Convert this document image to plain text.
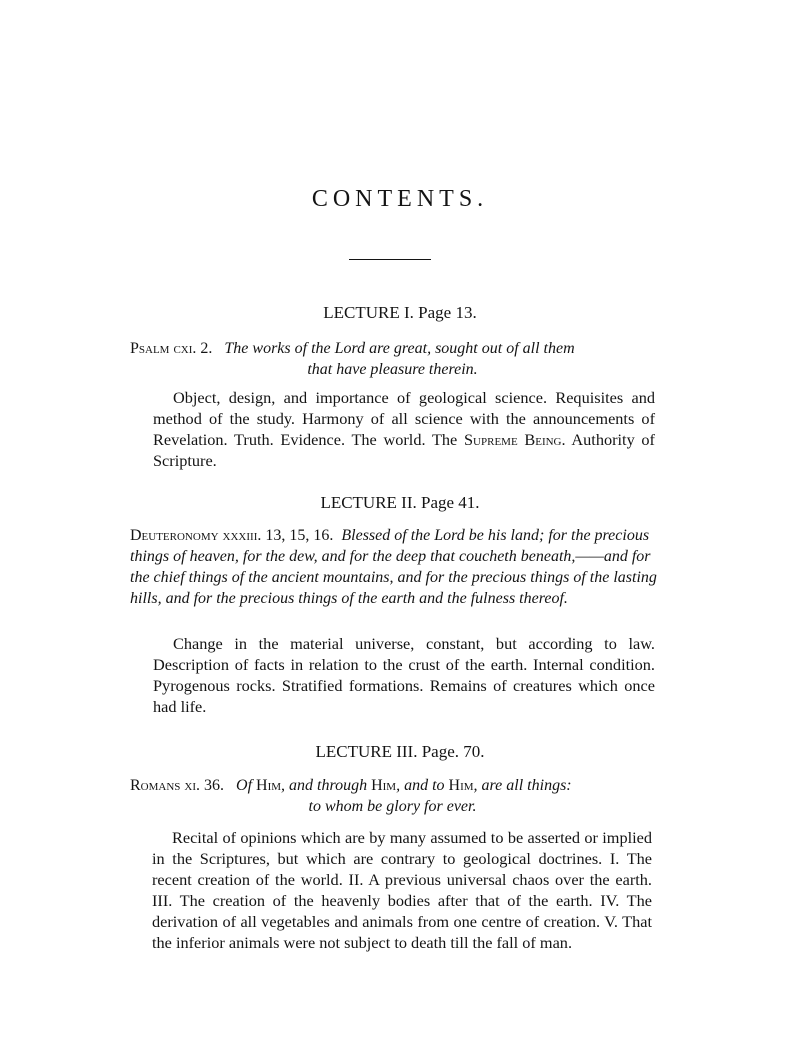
CONTENTS.
LECTURE I. Page 13.
Psalm cxi. 2. The works of the Lord are great, sought out of all them
that have pleasure therein.

Object, design, and importance of geological science. Requisites and method of the study. Harmony of all science with the announcements of Revelation. Truth. Evidence. The world. The Supreme Being. Authority of Scripture.

LECTURE II. Page 41.
Deuteronomy xxxiii. 13, 15, 16. Blessed of the Lord be his land; for the precious things of heaven, for the dew, and for the deep that coucheth beneath,——and for the chief things of the ancient mountains, and for the precious things of the lasting hills, and for the precious things of the earth and the fulness thereof.

Change in the material universe, constant, but according to law. Description of facts in relation to the crust of the earth. Internal condition. Pyrogenous rocks. Stratified formations. Remains of creatures which once had life.

LECTURE III. Page. 70.
Romans xi. 36. Of Him, and through Him, and to Him, are all things:
to whom be glory for ever.

Recital of opinions which are by many assumed to be asserted or implied in the Scriptures, but which are contrary to geological doctrines. I. The recent creation of the world. II. A previous universal chaos over the earth. III. The creation of the heavenly bodies after that of the earth. IV. The derivation of all vegetables and animals from one centre of creation. V. That the inferior animals were not subject to death till the fall of man.
